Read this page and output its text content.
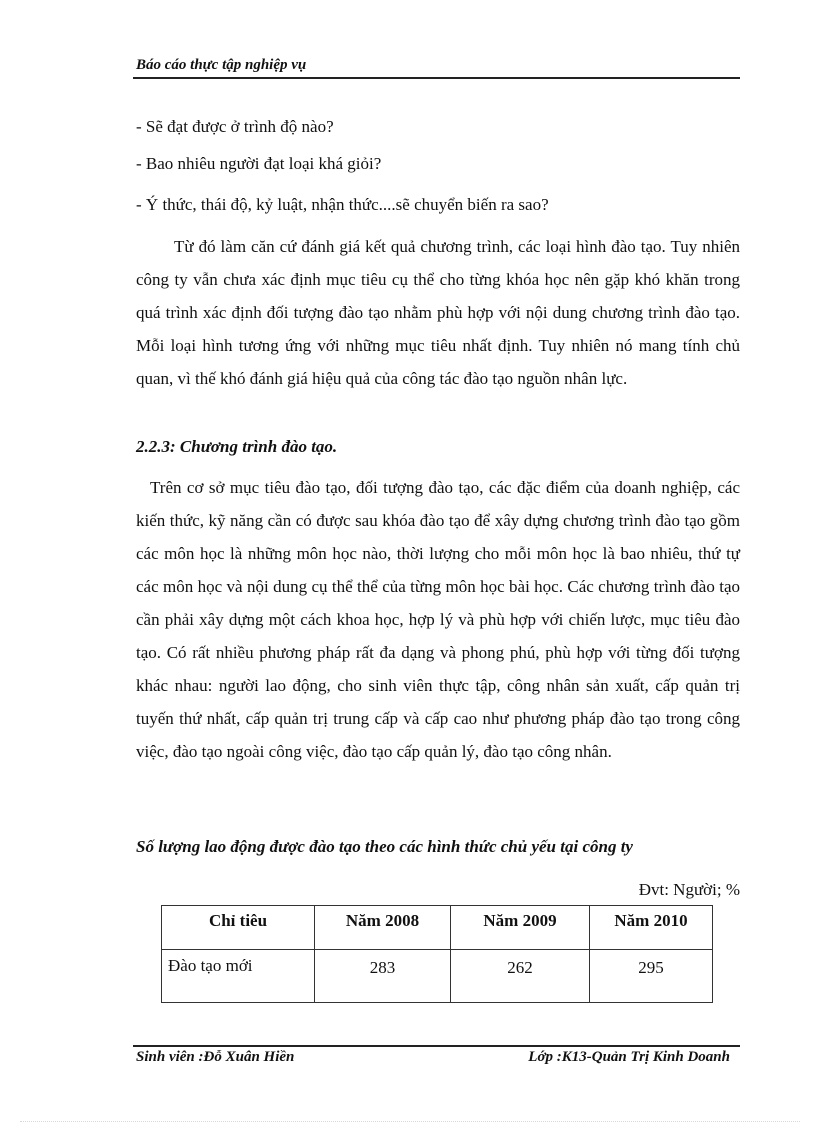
Báo cáo thực tập nghiệp vụ
- Sẽ đạt được ở trình độ nào?
- Bao nhiêu người đạt loại khá giỏi?
- Ý thức, thái độ, kỷ luật, nhận thức....sẽ chuyển biến ra sao?

Từ đó làm căn cứ đánh giá kết quả chương trình, các loại hình đào tạo. Tuy nhiên công ty vẫn chưa xác định mục tiêu cụ thể cho từng khóa học nên gặp khó khăn trong quá trình xác định đối tượng đào tạo nhằm phù hợp với nội dung chương trình đào tạo. Mỗi loại hình tương ứng với những mục tiêu nhất định. Tuy nhiên nó mang tính chủ quan, vì thế khó đánh giá hiệu quả của công tác đào tạo nguồn nhân lực.

2.2.3: Chương trình đào tạo.

Trên cơ sở mục tiêu đào tạo, đối tượng đào tạo, các đặc điểm của doanh nghiệp, các kiến thức, kỹ năng cần có được sau khóa đào tạo để xây dựng chương trình đào tạo gồm các môn học là những môn học nào, thời lượng cho mỗi môn học là bao nhiêu, thứ tự các môn học và nội dung cụ thể thể của từng môn học bài học. Các chương trình đào tạo cần phải xây dựng một cách khoa học, hợp lý và phù hợp với chiến lược, mục tiêu đào tạo. Có rất nhiều phương pháp rất đa dạng và phong phú, phù hợp với từng đối tượng khác nhau: người lao động, cho sinh viên thực tập, công nhân sản xuất, cấp quản trị tuyến thứ nhất, cấp quản trị trung cấp và cấp cao như phương pháp đào tạo trong công việc, đào tạo ngoài công việc, đào tạo cấp quản lý, đào tạo công nhân.

Số lượng lao động được đào tạo theo các hình thức chủ yếu tại công ty
Đvt: Người; %
Chỉ tiêu	Năm 2008	Năm 2009	Năm 2010
Đào tạo mới	283	262	295
Sinh viên :Đỗ Xuân Hiền	Lớp :K13-Quản Trị Kinh Doanh
